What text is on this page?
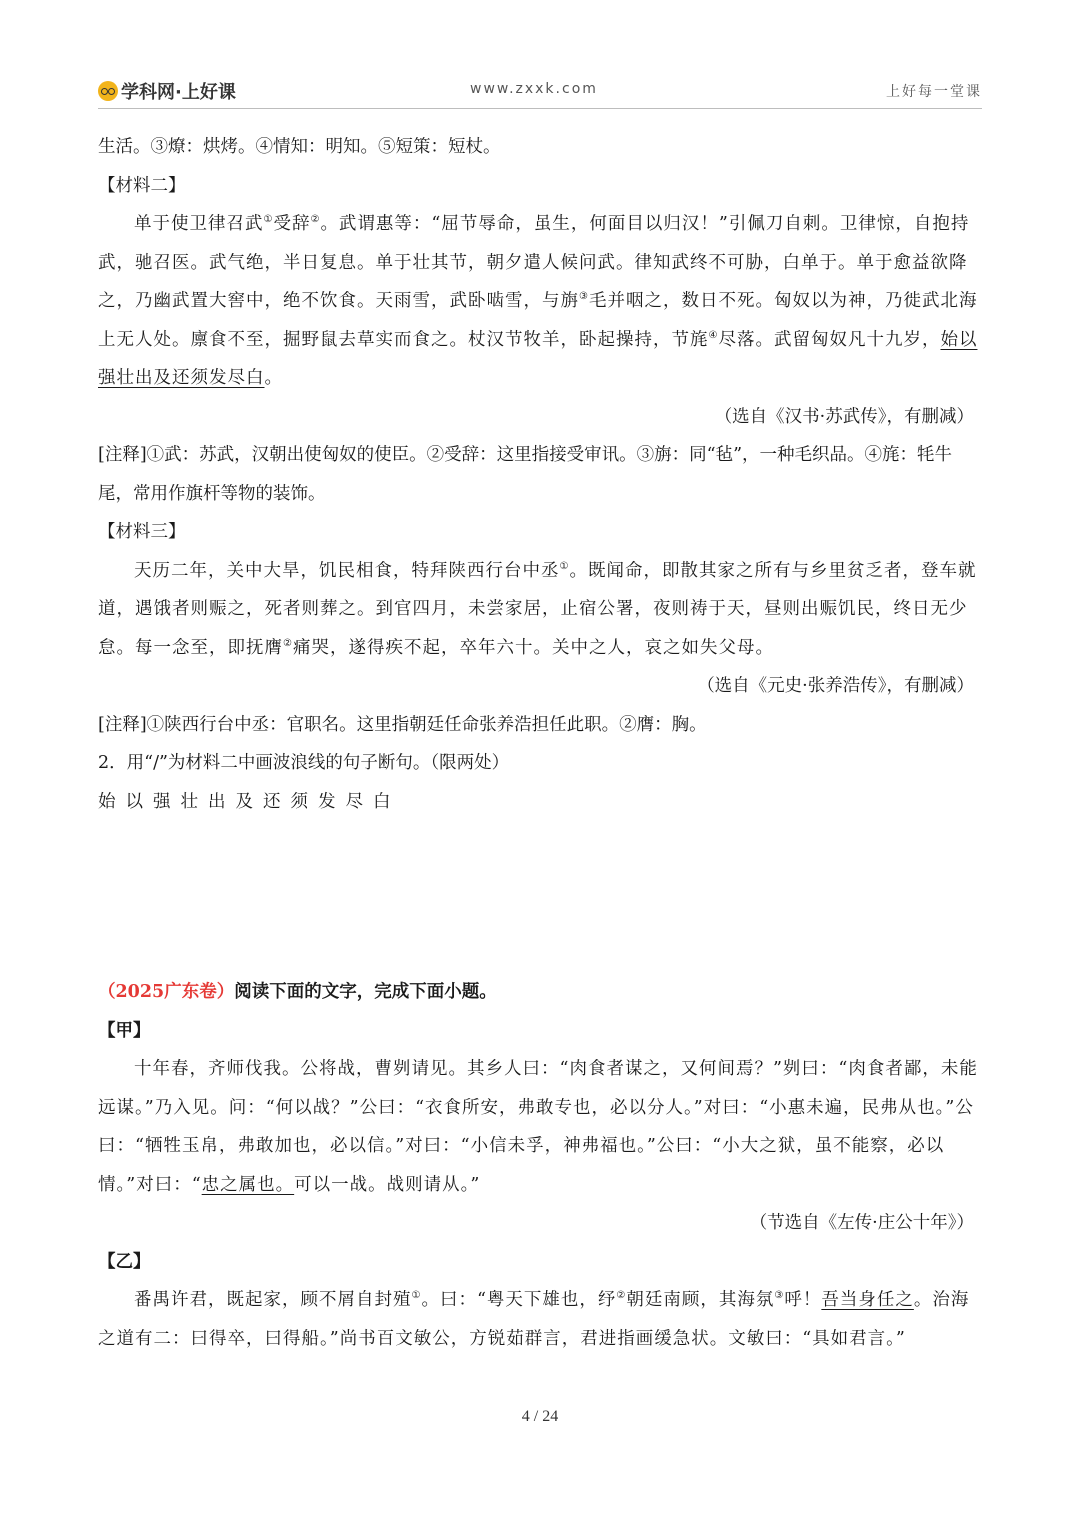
学科网·上好课	www.zxxk.com	上好每一堂课

生活。③燎：烘烤。④情知：明知。⑤短策：短杖。

【材料二】

单于使卫律召武①受辞②。武谓惠等：“屈节辱命，虽生，何面目以归汉！”引佩刀自刺。卫律惊，自抱持武，驰召医。武气绝，半日复息。单于壮其节，朝夕遣人候问武。律知武终不可胁，白单于。单于愈益欲降之，乃幽武置大窖中，绝不饮食。天雨雪，武卧啮雪，与旃③毛并咽之，数日不死。匈奴以为神，乃徙武北海上无人处。廪食不至，掘野鼠去草实而食之。杖汉节牧羊，卧起操持，节旄④尽落。武留匈奴凡十九岁，始以强壮出及还须发尽白。

（选自《汉书·苏武传》，有删减）

[注释]①武：苏武，汉朝出使匈奴的使臣。②受辞：这里指接受审讯。③旃：同“毡”，一种毛织品。④旄：牦牛尾，常用作旗杆等物的装饰。

【材料三】

天历二年，关中大旱，饥民相食，特拜陕西行台中丞①。既闻命，即散其家之所有与乡里贫乏者，登车就道，遇饿者则赈之，死者则葬之。到官四月，未尝家居，止宿公署，夜则祷于天，昼则出赈饥民，终日无少怠。每一念至，即抚膺②痛哭，遂得疾不起，卒年六十。关中之人，哀之如失父母。

（选自《元史·张养浩传》，有删减）

[注释]①陕西行台中丞：官职名。这里指朝廷任命张养浩担任此职。②膺：胸。

2．用“/”为材料二中画波浪线的句子断句。（限两处）

始以强壮出及还须发尽白

（2025广东卷）阅读下面的文字，完成下面小题。

【甲】

十年春，齐师伐我。公将战，曹刿请见。其乡人曰：“肉食者谋之，又何间焉？”刿曰：“肉食者鄙，未能远谋。”乃入见。问：“何以战？”公曰：“衣食所安，弗敢专也，必以分人。”对曰：“小惠未遍，民弗从也。”公曰：“牺牲玉帛，弗敢加也，必以信。”对曰：“小信未孚，神弗福也。”公曰：“小大之狱，虽不能察，必以情。”对曰：“忠之属也。可以一战。战则请从。”

（节选自《左传·庄公十年》）

【乙】

番禺许君，既起家，顾不屑自封殖①。曰：“粤天下雄也，纾②朝廷南顾，其海氛③呼！吾当身任之。治海之道有二：曰得卒，曰得船。”尚书百文敏公，方锐茹群言，君进指画缓急状。文敏曰：“具如君言。”

4 / 24
